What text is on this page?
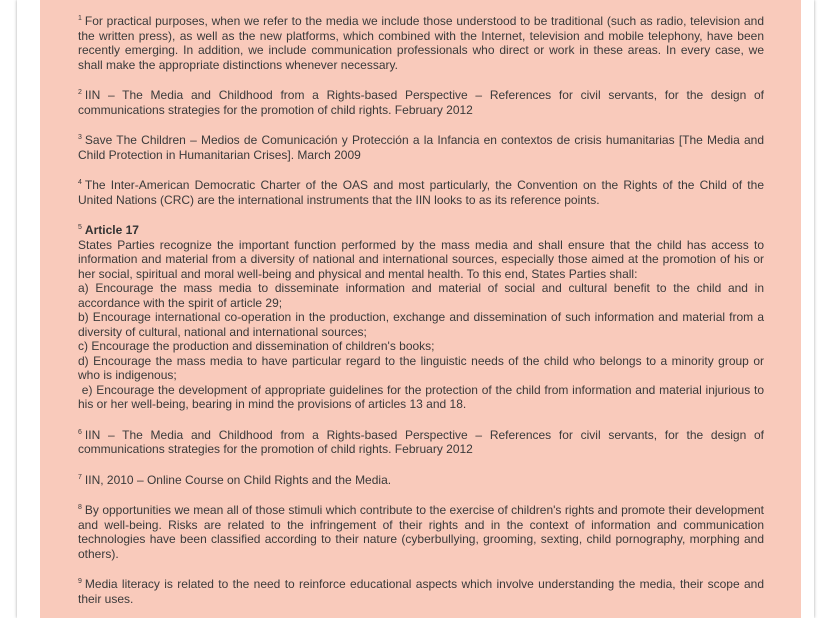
$^1$ For practical purposes, when we refer to the media we include those understood to be traditional (such as radio, television and the written press), as well as the new platforms, which combined with the Internet, television and mobile telephony, have been recently emerging. In addition, we include communication professionals who direct or work in these areas. In every case, we shall make the appropriate distinctions whenever necessary.

$^2$ IIN – The Media and Childhood from a Rights-based Perspective – References for civil servants, for the design of communications strategies for the promotion of child rights. February 2012

$^3$ Save The Children – Medios de Comunicación y Protección a la Infancia en contextos de crisis humanitarias [The Media and Child Protection in Humanitarian Crises]. March 2009

$^4$ The Inter-American Democratic Charter of the OAS and most particularly, the Convention on the Rights of the Child of the United Nations (CRC) are the international instruments that the IIN looks to as its reference points.

$^5$ Article 17
States Parties recognize the important function performed by the mass media and shall ensure that the child has access to information and material from a diversity of national and international sources, especially those aimed at the promotion of his or her social, spiritual and moral well-being and physical and mental health. To this end, States Parties shall:
a) Encourage the mass media to disseminate information and material of social and cultural benefit to the child and in accordance with the spirit of article 29;
b) Encourage international co-operation in the production, exchange and dissemination of such information and material from a diversity of cultural, national and international sources;
c) Encourage the production and dissemination of children's books;
d) Encourage the mass media to have particular regard to the linguistic needs of the child who belongs to a minority group or who is indigenous;
e) Encourage the development of appropriate guidelines for the protection of the child from information and material injurious to his or her well-being, bearing in mind the provisions of articles 13 and 18.

$^6$ IIN – The Media and Childhood from a Rights-based Perspective – References for civil servants, for the design of communications strategies for the promotion of child rights. February 2012

$^7$ IIN, 2010 – Online Course on Child Rights and the Media.

$^8$ By opportunities we mean all of those stimuli which contribute to the exercise of children's rights and promote their development and well-being. Risks are related to the infringement of their rights and in the context of information and communication technologies have been classified according to their nature (cyberbullying, grooming, sexting, child pornography, morphing and others).

$^9$ Media literacy is related to the need to reinforce educational aspects which involve understanding the media, their scope and their uses.
